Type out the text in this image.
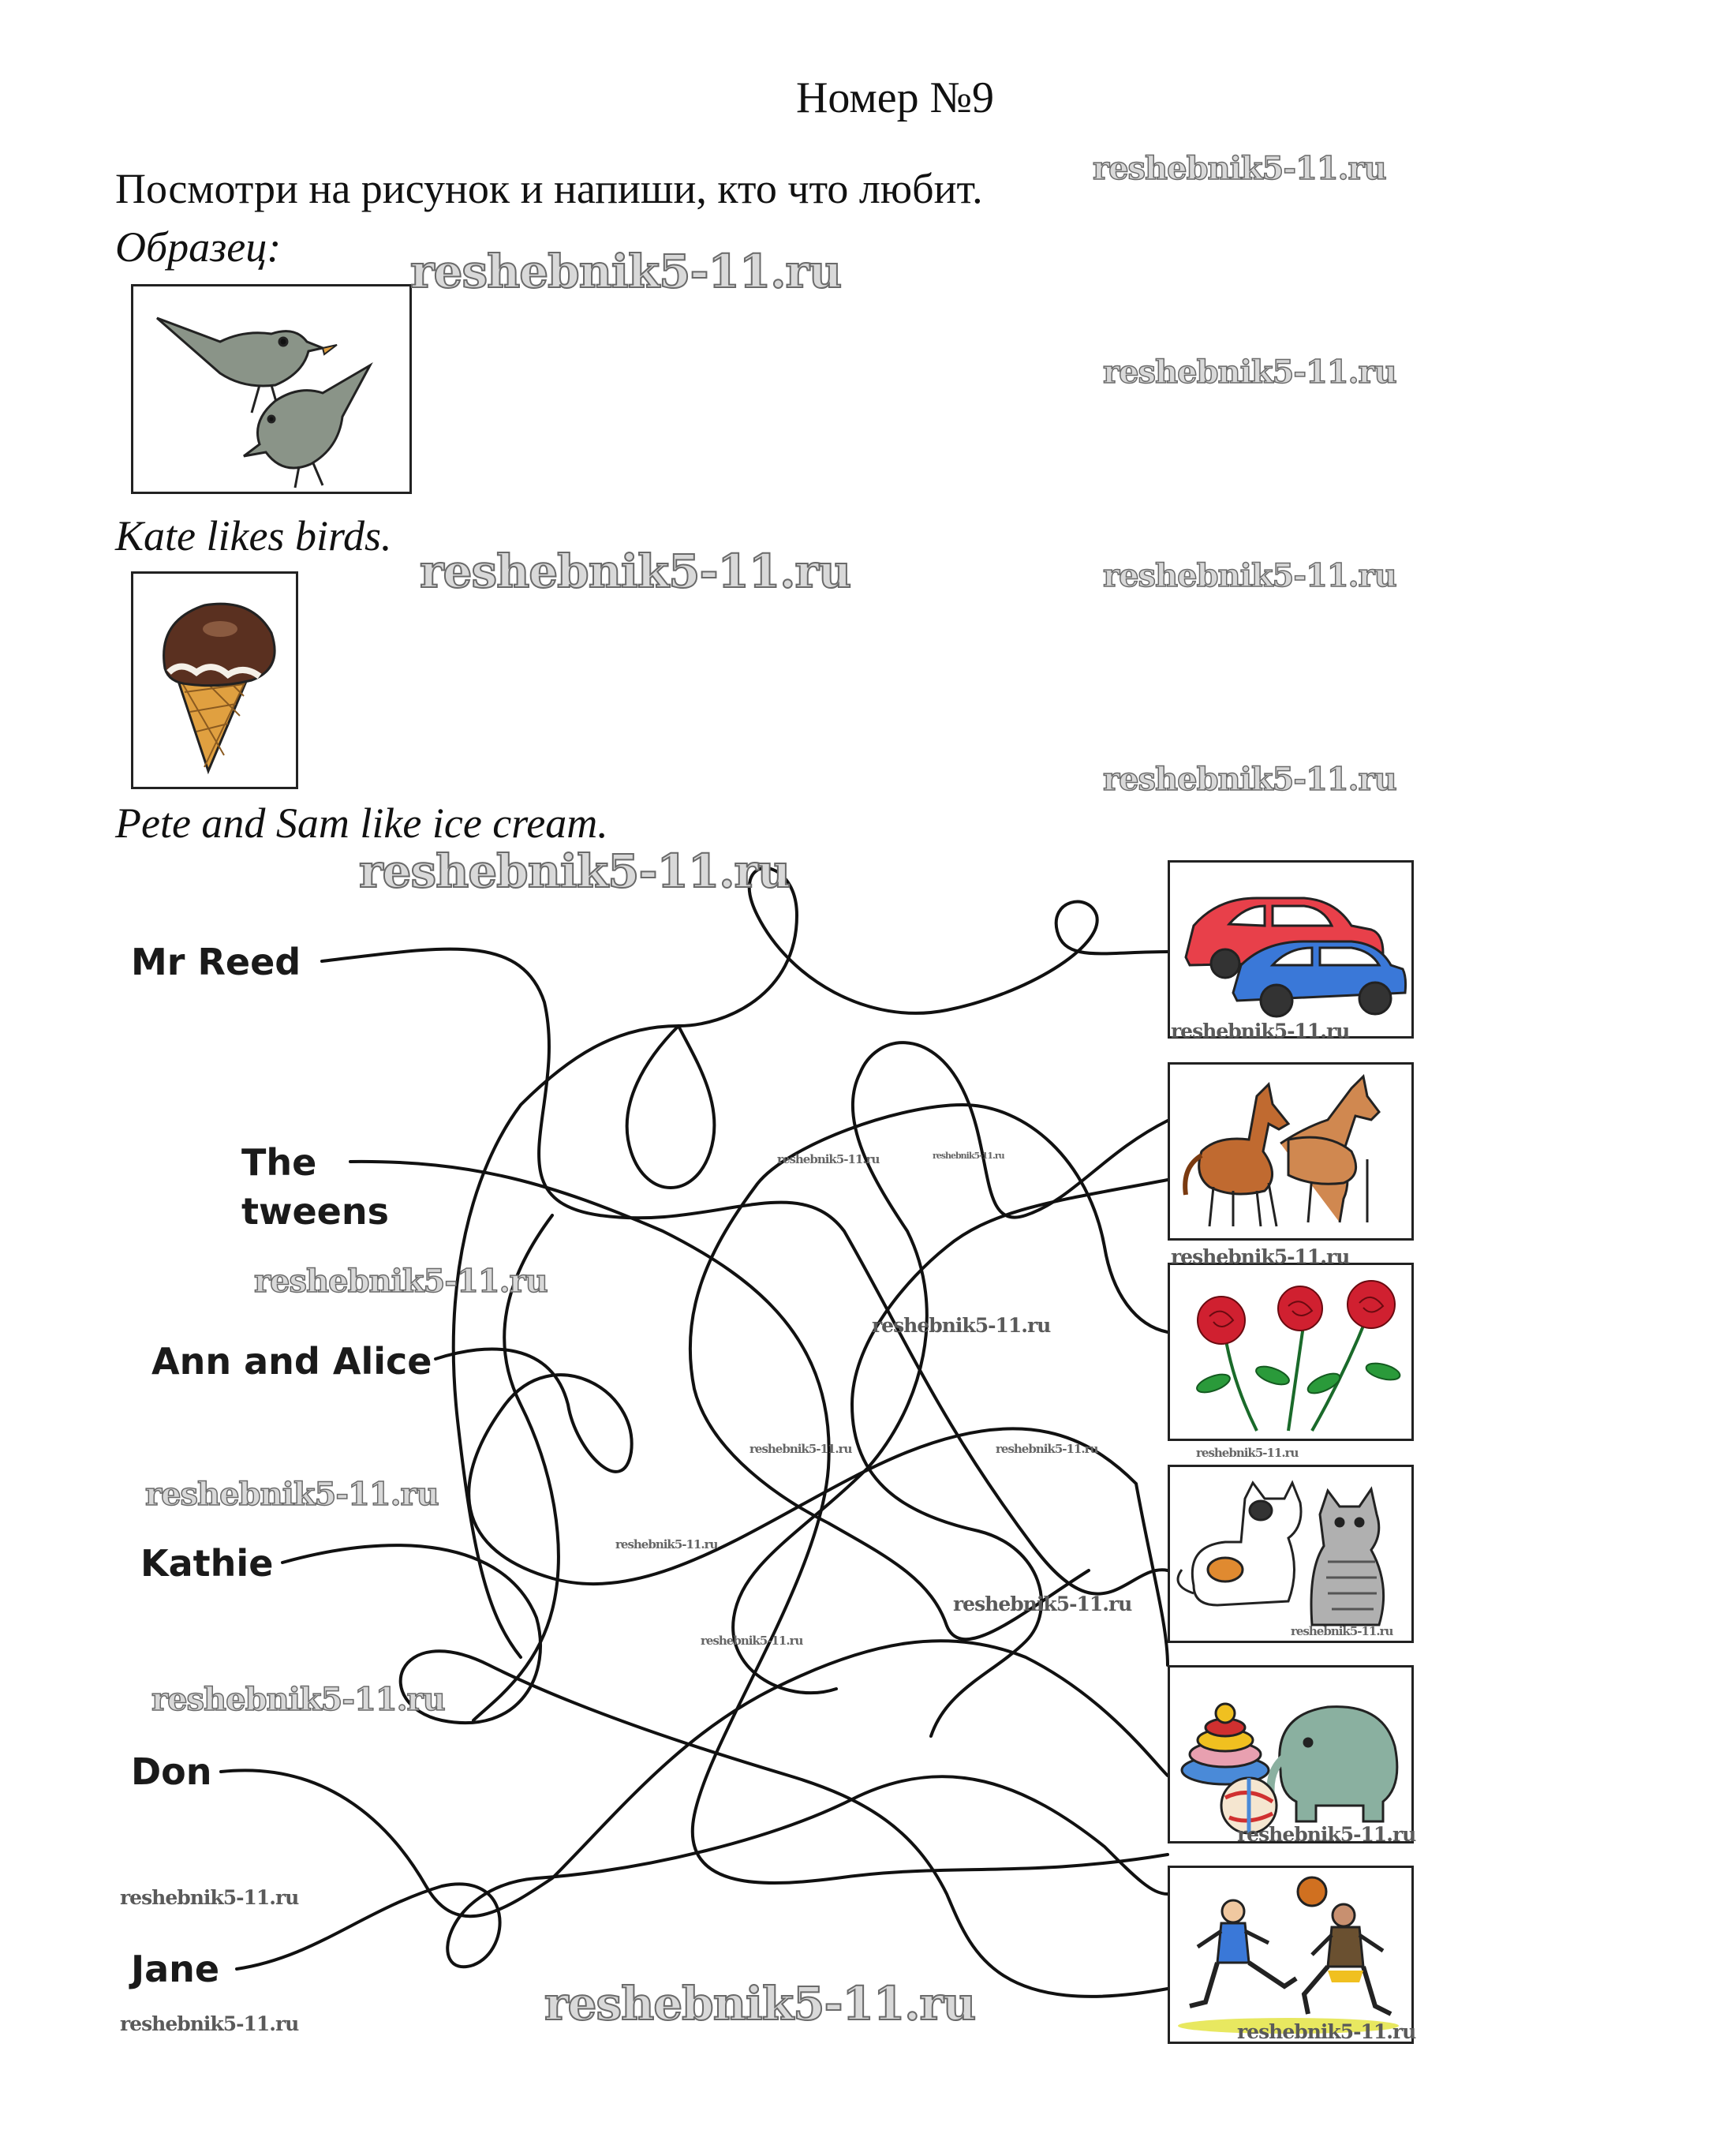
Номер №9
Посмотри на рисунок и напиши, кто что любит.
Образец:	reshebnik5-11.ru
reshebnik5-11.ru
reshebnik5-11.ru
Kate likes birds.
reshebnik5-11.ru	reshebnik5-11.ru
reshebnik5-11.ru
Pete and Sam like ice cream.
Mr Reed
The
tweens
Ann and Alice
Kathie
Don
Jane
reshebnik5-11.ru
reshebnik5-11.ru
reshebnik5-11.ru
reshebnik5-11.ru
reshebnik5-11.ru
reshebnik5-11.ru	reshebnik5-11.ru
reshebnik5-11.ru	reshebnik5-11.ru
reshebnik5-11.ru
reshebnik5-11.ru	reshebnik5-11.ru
reshebnik5-11.ru
reshebnik5-11.ru
reshebnik5-11.ru
reshebnik5-11.ru
reshebnik5-11.ru
reshebnik5-11.ru
reshebnik5-11.ru
reshebnik5-11.ru
reshebnik5-11.ru
